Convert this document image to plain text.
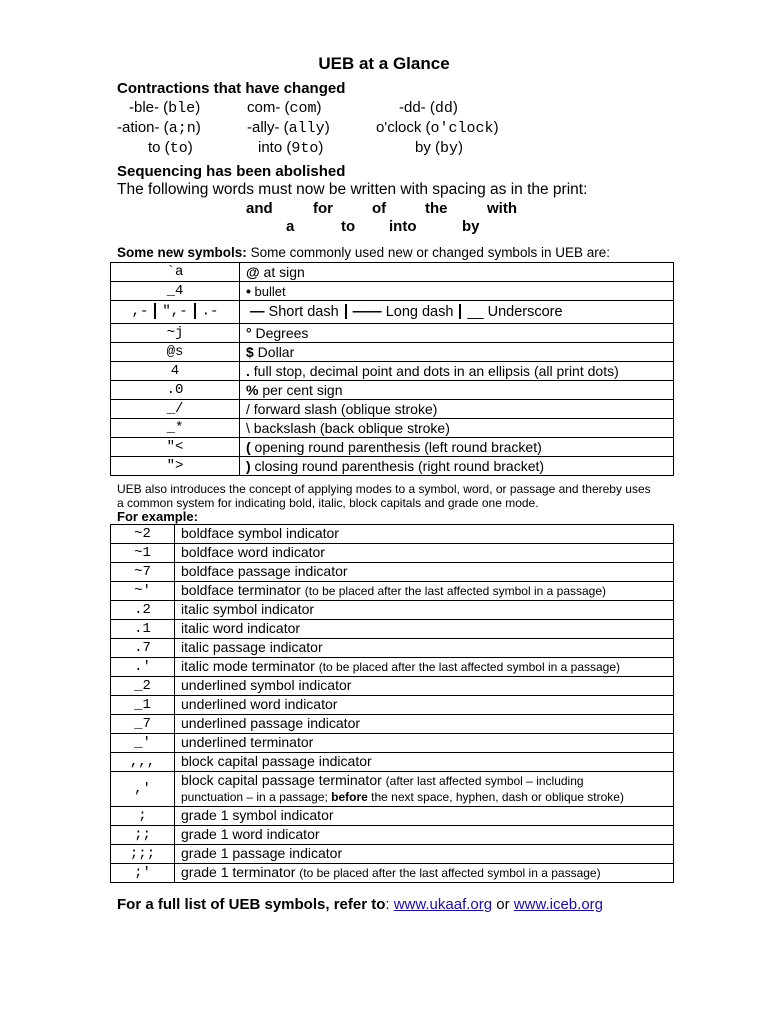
UEB at a Glance
Contractions that have changed
-ble- (ble)	com- (com)	-dd- (dd)
-ation- (a;n)	-ally- (ally)	o'clock (o'clock)
to (to)	into (9to)	by (by)
Sequencing has been abolished
The following words must now be written with spacing as in the print:
and	for	of	the	with
a	to into	by
Some new symbols: Some commonly used new or changed symbols in UEB are:
`a	@ at sign
_4	• bullet
,- ",- .-	— Short dash —— Long dash __ Underscore
~j	° Degrees
@s	$ Dollar
4	. full stop, decimal point and dots in an ellipsis (all print dots)
.0	% per cent sign
_/	/ forward slash (oblique stroke)
_*	\ backslash (back oblique stroke)
"<	( opening round parenthesis (left round bracket)
">	) closing round parenthesis (right round bracket)
UEB also introduces the concept of applying modes to a symbol, word, or passage and thereby uses a common system for indicating bold, italic, block capitals and grade one mode.
For example:
~2	boldface symbol indicator
~1	boldface word indicator
~7	boldface passage indicator
~'	boldface terminator (to be placed after the last affected symbol in a passage)
.2	italic symbol indicator
.1	italic word indicator
.7	italic passage indicator
.'	italic mode terminator (to be placed after the last affected symbol in a passage)
_2	underlined symbol indicator
_1	underlined word indicator
_7	underlined passage indicator
_'	underlined terminator
,,,	block capital passage indicator
,'	block capital passage terminator (after last affected symbol – including
punctuation – in a passage; before the next space, hyphen, dash or oblique stroke)
;	grade 1 symbol indicator
;;	grade 1 word indicator
;;;	grade 1 passage indicator
;'	grade 1 terminator (to be placed after the last affected symbol in a passage)
For a full list of UEB symbols, refer to: www.ukaaf.org or www.iceb.org
